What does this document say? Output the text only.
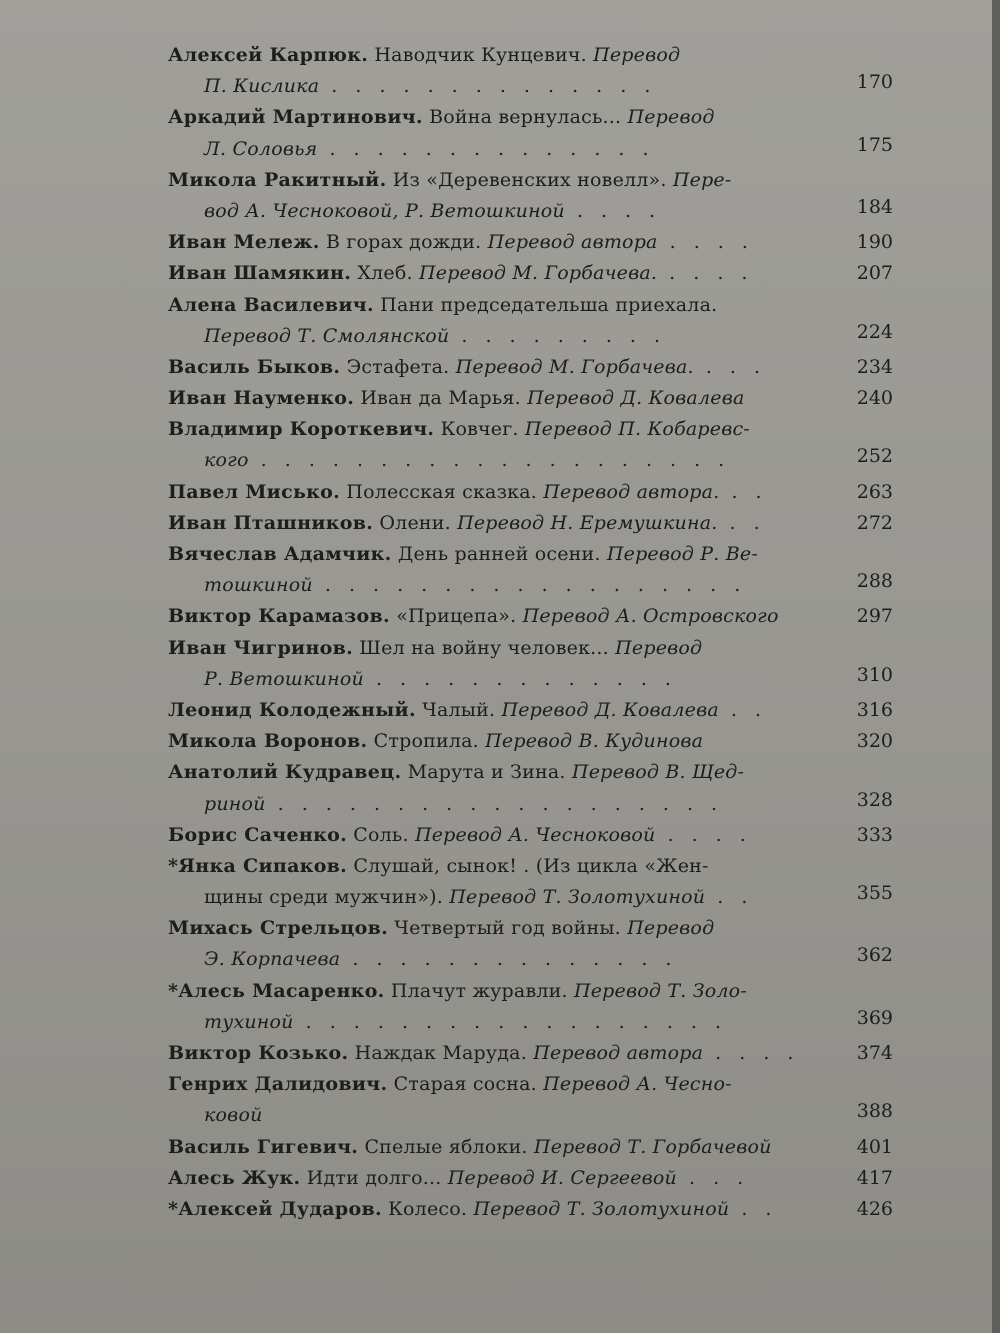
Алексей Карпюк. Наводчик Кунцевич. Перевод
П. Кислика . . . . . . . . . . . . . .	170
Аркадий Мартинович. Война вернулась... Перевод
Л. Соловья . . . . . . . . . . . . . .	175
Микола Ракитный. Из «Деревенских новелл». Пере-
вод А. Чесноковой, Р. Ветошкиной . . . .	184
Иван Мележ. В горах дожди. Перевод автора . . . .	190
Иван Шамякин. Хлеб. Перевод М. Горбачева. . . . .	207
Алена Василевич. Пани председательша приехала.
Перевод Т. Смолянской . . . . . . . . .	224
Василь Быков. Эстафета. Перевод М. Горбачева. . . .	234
Иван Науменко. Иван да Марья. Перевод Д. Ковалева	240
Владимир Короткевич. Ковчег. Перевод П. Кобаревс-
кого . . . . . . . . . . . . . . . . . . . .	252
Павел Мисько. Полесская сказка. Перевод автора. . .	263
Иван Пташников. Олени. Перевод Н. Еремушкина. . .	272
Вячеслав Адамчик. День ранней осени. Перевод Р. Ве-
тошкиной . . . . . . . . . . . . . . . . . .	288
Виктор Карамазов. «Прицепа». Перевод А. Островского	297
Иван Чигринов. Шел на войну человек... Перевод
Р. Ветошкиной . . . . . . . . . . . . .	310
Леонид Колодежный. Чалый. Перевод Д. Ковалева . .	316
Микола Воронов. Стропила. Перевод В. Кудинова	320
Анатолий Кудравец. Марута и Зина. Перевод В. Щед-
риной . . . . . . . . . . . . . . . . . . .	328
Борис Саченко. Соль. Перевод А. Чесноковой . . . .	333
*Янка Сипаков. Слушай, сынок! . (Из цикла «Жен-
щины среди мужчин»). Перевод Т. Золотухиной . .	355
Михась Стрельцов. Четвертый год войны. Перевод
Э. Корпачева . . . . . . . . . . . . . .	362
*Алесь Масаренко. Плачут журавли. Перевод Т. Золо-
тухиной . . . . . . . . . . . . . . . . . .	369
Виктор Козько. Наждак Маруда. Перевод автора . . . .	374
Генрих Далидович. Старая сосна. Перевод А. Чесно-
ковой	388
Василь Гигевич. Спелые яблоки. Перевод Т. Горбачевой	401
Алесь Жук. Идти долго... Перевод И. Сергеевой . . .	417
*Алексей Дударов. Колесо. Перевод Т. Золотухиной . .	426
